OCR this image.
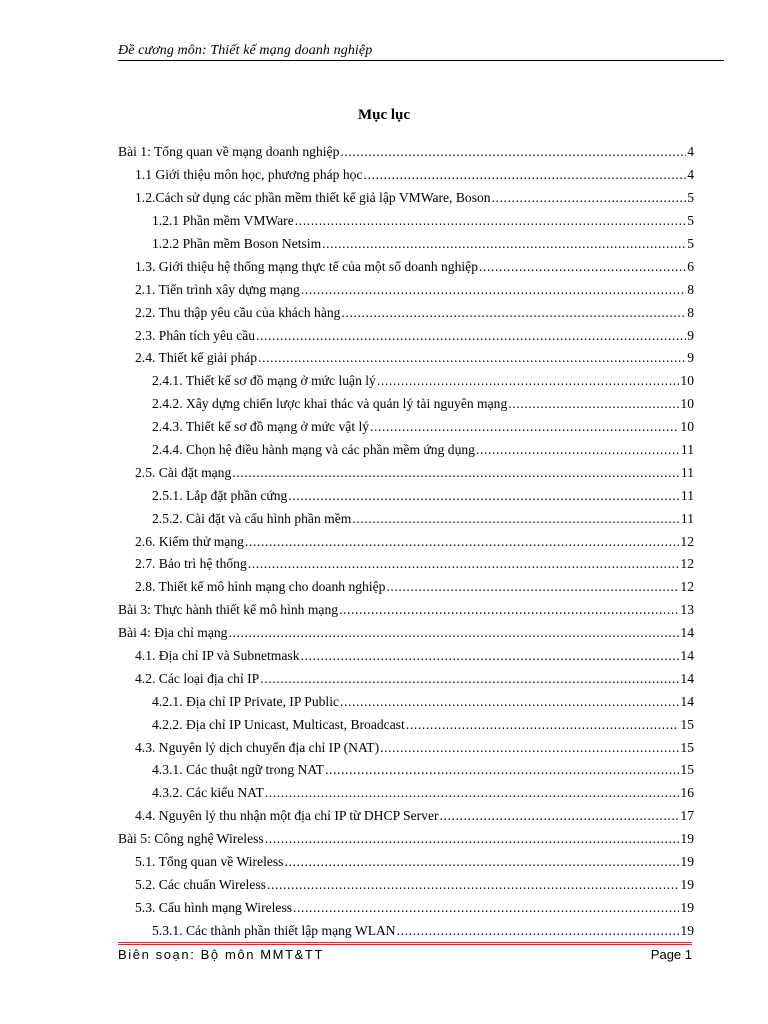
Đề cương môn: Thiết kế mạng doanh nghiệp
Mục lục
Bài 1: Tổng quan về mạng doanh nghiệp .....	4
1.1 Giới thiệu môn học, phương pháp học .....	4
1.2.Cách sử dụng các phần mềm thiết kế giả lập VMWare, Boson .....	5
1.2.1 Phần mềm VMWare .....	5
1.2.2 Phần mềm Boson Netsim .....	5
1.3. Giới thiệu hệ thống mạng thực tế của một số doanh nghiệp .....	6
2.1. Tiến trình xây dựng mạng .....	8
2.2. Thu thập yêu cầu của khách hàng .....	8
2.3. Phân tích yêu cầu .....	9
2.4. Thiết kế giải pháp .....	9
2.4.1. Thiết kế sơ đồ mạng ở mức luận lý .....	10
2.4.2. Xây dựng chiến lược khai thác và quản lý tài nguyên mạng .....	10
2.4.3. Thiết kế sơ đồ mạng ở mức vật lý .....	10
2.4.4. Chọn hệ điều hành mạng và các phần mềm ứng dụng .....	11
2.5. Cài đặt mạng .....	11
2.5.1. Lắp đặt phần cứng .....	11
2.5.2. Cài đặt và cấu hình phần mềm .....	11
2.6. Kiểm thử mạng .....	12
2.7. Bảo trì hệ thống .....	12
2.8. Thiết kế mô hình mạng cho doanh nghiệp .....	12
Bài 3: Thực hành thiết kế mô hình mạng .....	13
Bài 4: Địa chỉ mạng .....	14
4.1. Địa chỉ IP và Subnetmask .....	14
4.2. Các loại địa chỉ IP .....	14
4.2.1. Địa chỉ IP Private, IP Public .....	14
4.2.2. Địa chỉ IP Unicast, Multicast, Broadcast .....	15
4.3. Nguyên lý dịch chuyển địa chỉ IP (NAT) .....	15
4.3.1. Các thuật ngữ trong NAT .....	15
4.3.2. Các kiểu NAT .....	16
4.4. Nguyên lý thu nhận một địa chỉ IP từ DHCP Server .....	17
Bài 5: Công nghệ Wireless .....	19
5.1. Tổng quan về Wireless .....	19
5.2. Các chuẩn Wireless .....	19
5.3. Cấu hình mạng Wireless .....	19
5.3.1. Các thành phần thiết lập mạng WLAN .....	19
Biên soạn: Bộ môn MMT&TT	Page 1
